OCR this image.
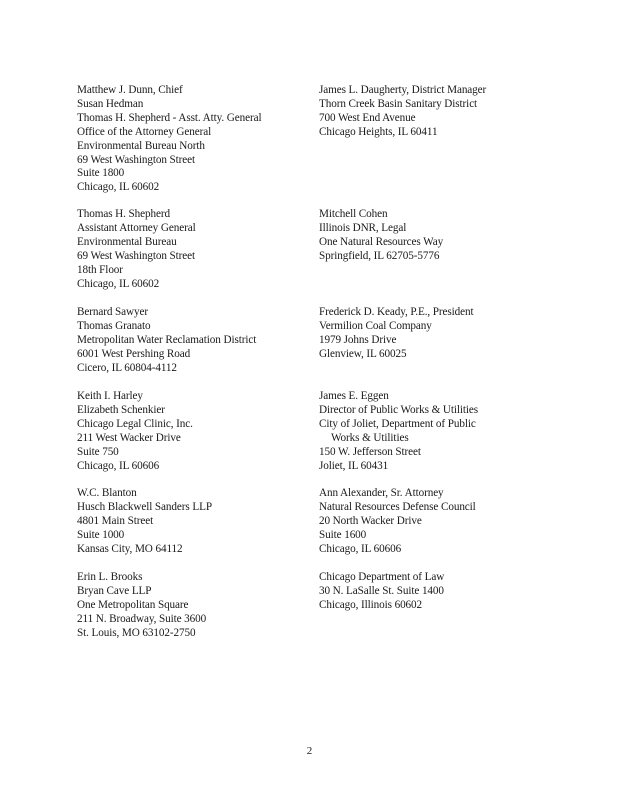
Matthew J. Dunn, Chief
Susan Hedman
Thomas H. Shepherd - Asst. Atty. General
Office of the Attorney General
Environmental Bureau North
69 West Washington Street
Suite 1800
Chicago, IL 60602
Thomas H. Shepherd
Assistant Attorney General
Environmental Bureau
69 West Washington Street
18th Floor
Chicago, IL 60602
Bernard Sawyer
Thomas Granato
Metropolitan Water Reclamation District
6001 West Pershing Road
Cicero, IL 60804-4112
Keith I. Harley
Elizabeth Schenkier
Chicago Legal Clinic, Inc.
211 West Wacker Drive
Suite 750
Chicago, IL 60606
W.C. Blanton
Husch Blackwell Sanders LLP
4801 Main Street
Suite 1000
Kansas City, MO 64112
Erin L. Brooks
Bryan Cave LLP
One Metropolitan Square
211 N. Broadway, Suite 3600
St. Louis, MO 63102-2750
James L. Daugherty, District Manager
Thorn Creek Basin Sanitary District
700 West End Avenue
Chicago Heights, IL 60411
Mitchell Cohen
Illinois DNR, Legal
One Natural Resources Way
Springfield, IL 62705-5776
Frederick D. Keady, P.E., President
Vermilion Coal Company
1979 Johns Drive
Glenview, IL 60025
James E. Eggen
Director of Public Works & Utilities
City of Joliet, Department of Public
Works & Utilities
150 W. Jefferson Street
Joliet, IL 60431
Ann Alexander, Sr. Attorney
Natural Resources Defense Council
20 North Wacker Drive
Suite 1600
Chicago, IL 60606
Chicago Department of Law
30 N. LaSalle St. Suite 1400
Chicago, Illinois 60602
2
